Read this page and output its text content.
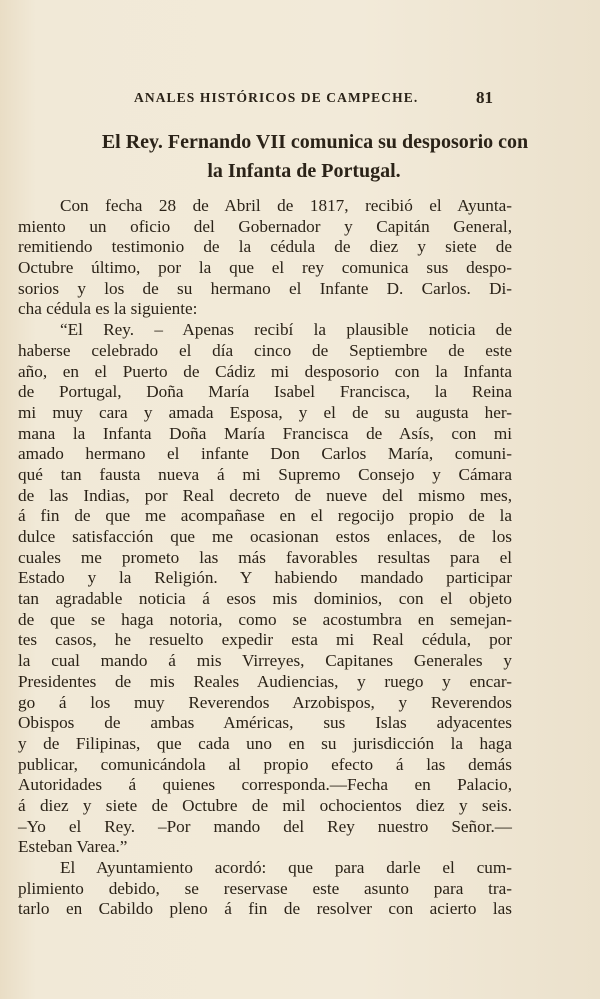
ANALES HISTÓRICOS DE CAMPECHE.	81
El Rey. Fernando VII comunica su desposorio con
la Infanta de Portugal.
Con fecha 28 de Abril de 1817, recibió el Ayunta-
miento un oficio del Gobernador y Capitán General,
remitiendo testimonio de la cédula de diez y siete de
Octubre último, por la que el rey comunica sus despo-
sorios y los de su hermano el Infante D. Carlos. Di-
cha cédula es la siguiente:
“El Rey. – Apenas recibí la plausible noticia de
haberse celebrado el día cinco de Septiembre de este
año, en el Puerto de Cádiz mi desposorio con la Infanta
de Portugal, Doña María Isabel Francisca, la Reina
mi muy cara y amada Esposa, y el de su augusta her-
mana la Infanta Doña María Francisca de Asís, con mi
amado hermano el infante Don Carlos María, comuni-
qué tan fausta nueva á mi Supremo Consejo y Cámara
de las Indias, por Real decreto de nueve del mismo mes,
á fin de que me acompañase en el regocijo propio de la
dulce satisfacción que me ocasionan estos enlaces, de los
cuales me prometo las más favorables resultas para el
Estado y la Religión. Y habiendo mandado participar
tan agradable noticia á esos mis dominios, con el objeto
de que se haga notoria, como se acostumbra en semejan-
tes casos, he resuelto expedir esta mi Real cédula, por
la cual mando á mis Virreyes, Capitanes Generales y
Presidentes de mis Reales Audiencias, y ruego y encar-
go á los muy Reverendos Arzobispos, y Reverendos
Obispos de ambas Américas, sus Islas adyacentes
y de Filipinas, que cada uno en su jurisdicción la haga
publicar, comunicándola al propio efecto á las demás
Autoridades á quienes corresponda.—Fecha en Palacio,
á diez y siete de Octubre de mil ochocientos diez y seis.
–Yo el Rey. –Por mando del Rey nuestro Señor.—
Esteban Varea.”
El Ayuntamiento acordó: que para darle el cum-
plimiento debido, se reservase este asunto para tra-
tarlo en Cabildo pleno á fin de resolver con acierto las
